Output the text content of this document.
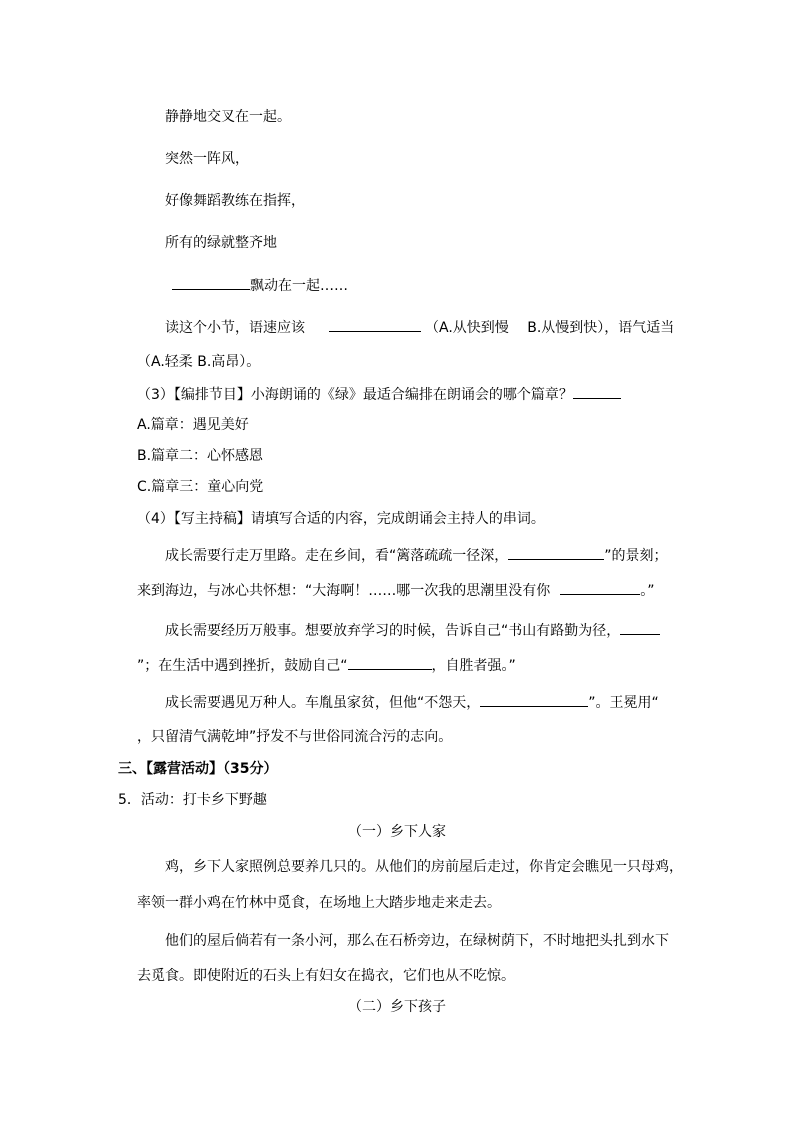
静静地交叉在一起。
突然一阵风，
好像舞蹈教练在指挥，
所有的绿就整齐地
飘动在一起……
读这个小节，语速应该	（A.从快到慢　 B.从慢到快），语气适当
（A.轻柔 B.高昂）。
（3）【编排节目】小海朗诵的《绿》最适合编排在朗诵会的哪个篇章？
A.篇章：遇见美好
B.篇章二：心怀感恩
C.篇章三：童心向党
（4）【写主持稿】请填写合适的内容，完成朗诵会主持人的串词。
成长需要行走万里路。走在乡间，看“篱落疏疏一径深，	”的景刻；
来到海边，与冰心共怀想：“大海啊！……哪一次我的思潮里没有你	。”
成长需要经历万般事。想要放弃学习的时候，告诉自己“书山有路勤为径，
”；在生活中遇到挫折，鼓励自己“	，自胜者强。”
成长需要遇见万种人。车胤虽家贫，但他“不怨天，	”。王冕用“
，只留清气满乾坤”抒发不与世俗同流合污的志向。
三、【露营活动】（35分）
5．活动：打卡乡下野趣
（一）乡下人家
鸡，乡下人家照例总要养几只的。从他们的房前屋后走过，你肯定会瞧见一只母鸡，
率领一群小鸡在竹林中觅食，在场地上大踏步地走来走去。
他们的屋后倘若有一条小河，那么在石桥旁边，在绿树荫下，不时地把头扎到水下
去觅食。即使附近的石头上有妇女在捣衣，它们也从不吃惊。
（二）乡下孩子
